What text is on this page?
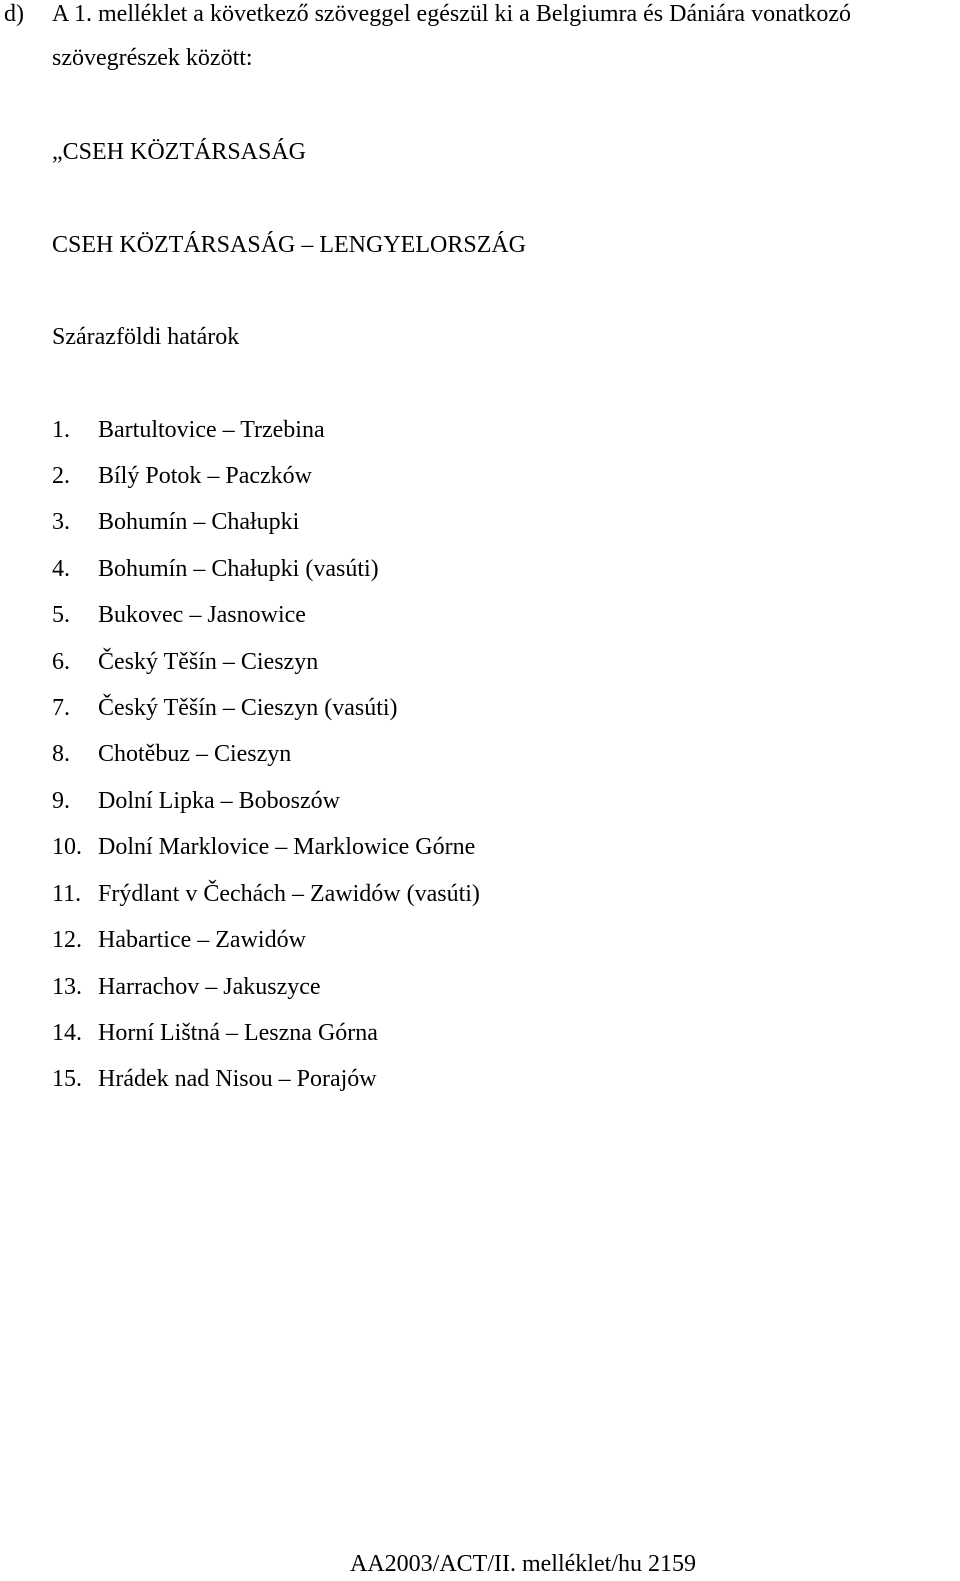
d) A 1. melléklet a következő szöveggel egészül ki a Belgiumra és Dániára vonatkozó
szövegrészek között:
„CSEH KÖZTÁRSASÁG
CSEH KÖZTÁRSASÁG – LENGYELORSZÁG
Szárazföldi határok
1. Bartultovice – Trzebina
2. Bílý Potok – Paczków
3. Bohumín – Chałupki
4. Bohumín – Chałupki (vasúti)
5. Bukovec – Jasnowice
6. Český Těšín – Cieszyn
7. Český Těšín – Cieszyn (vasúti)
8. Chotěbuz – Cieszyn
9. Dolní Lipka – Boboszów
10. Dolní Marklovice – Marklowice Górne
11. Frýdlant v Čechách – Zawidów (vasúti)
12. Habartice – Zawidów
13. Harrachov – Jakuszyce
14. Horní Lištná – Leszna Górna
15. Hrádek nad Nisou – Porajów
AA2003/ACT/II. melléklet/hu 2159
